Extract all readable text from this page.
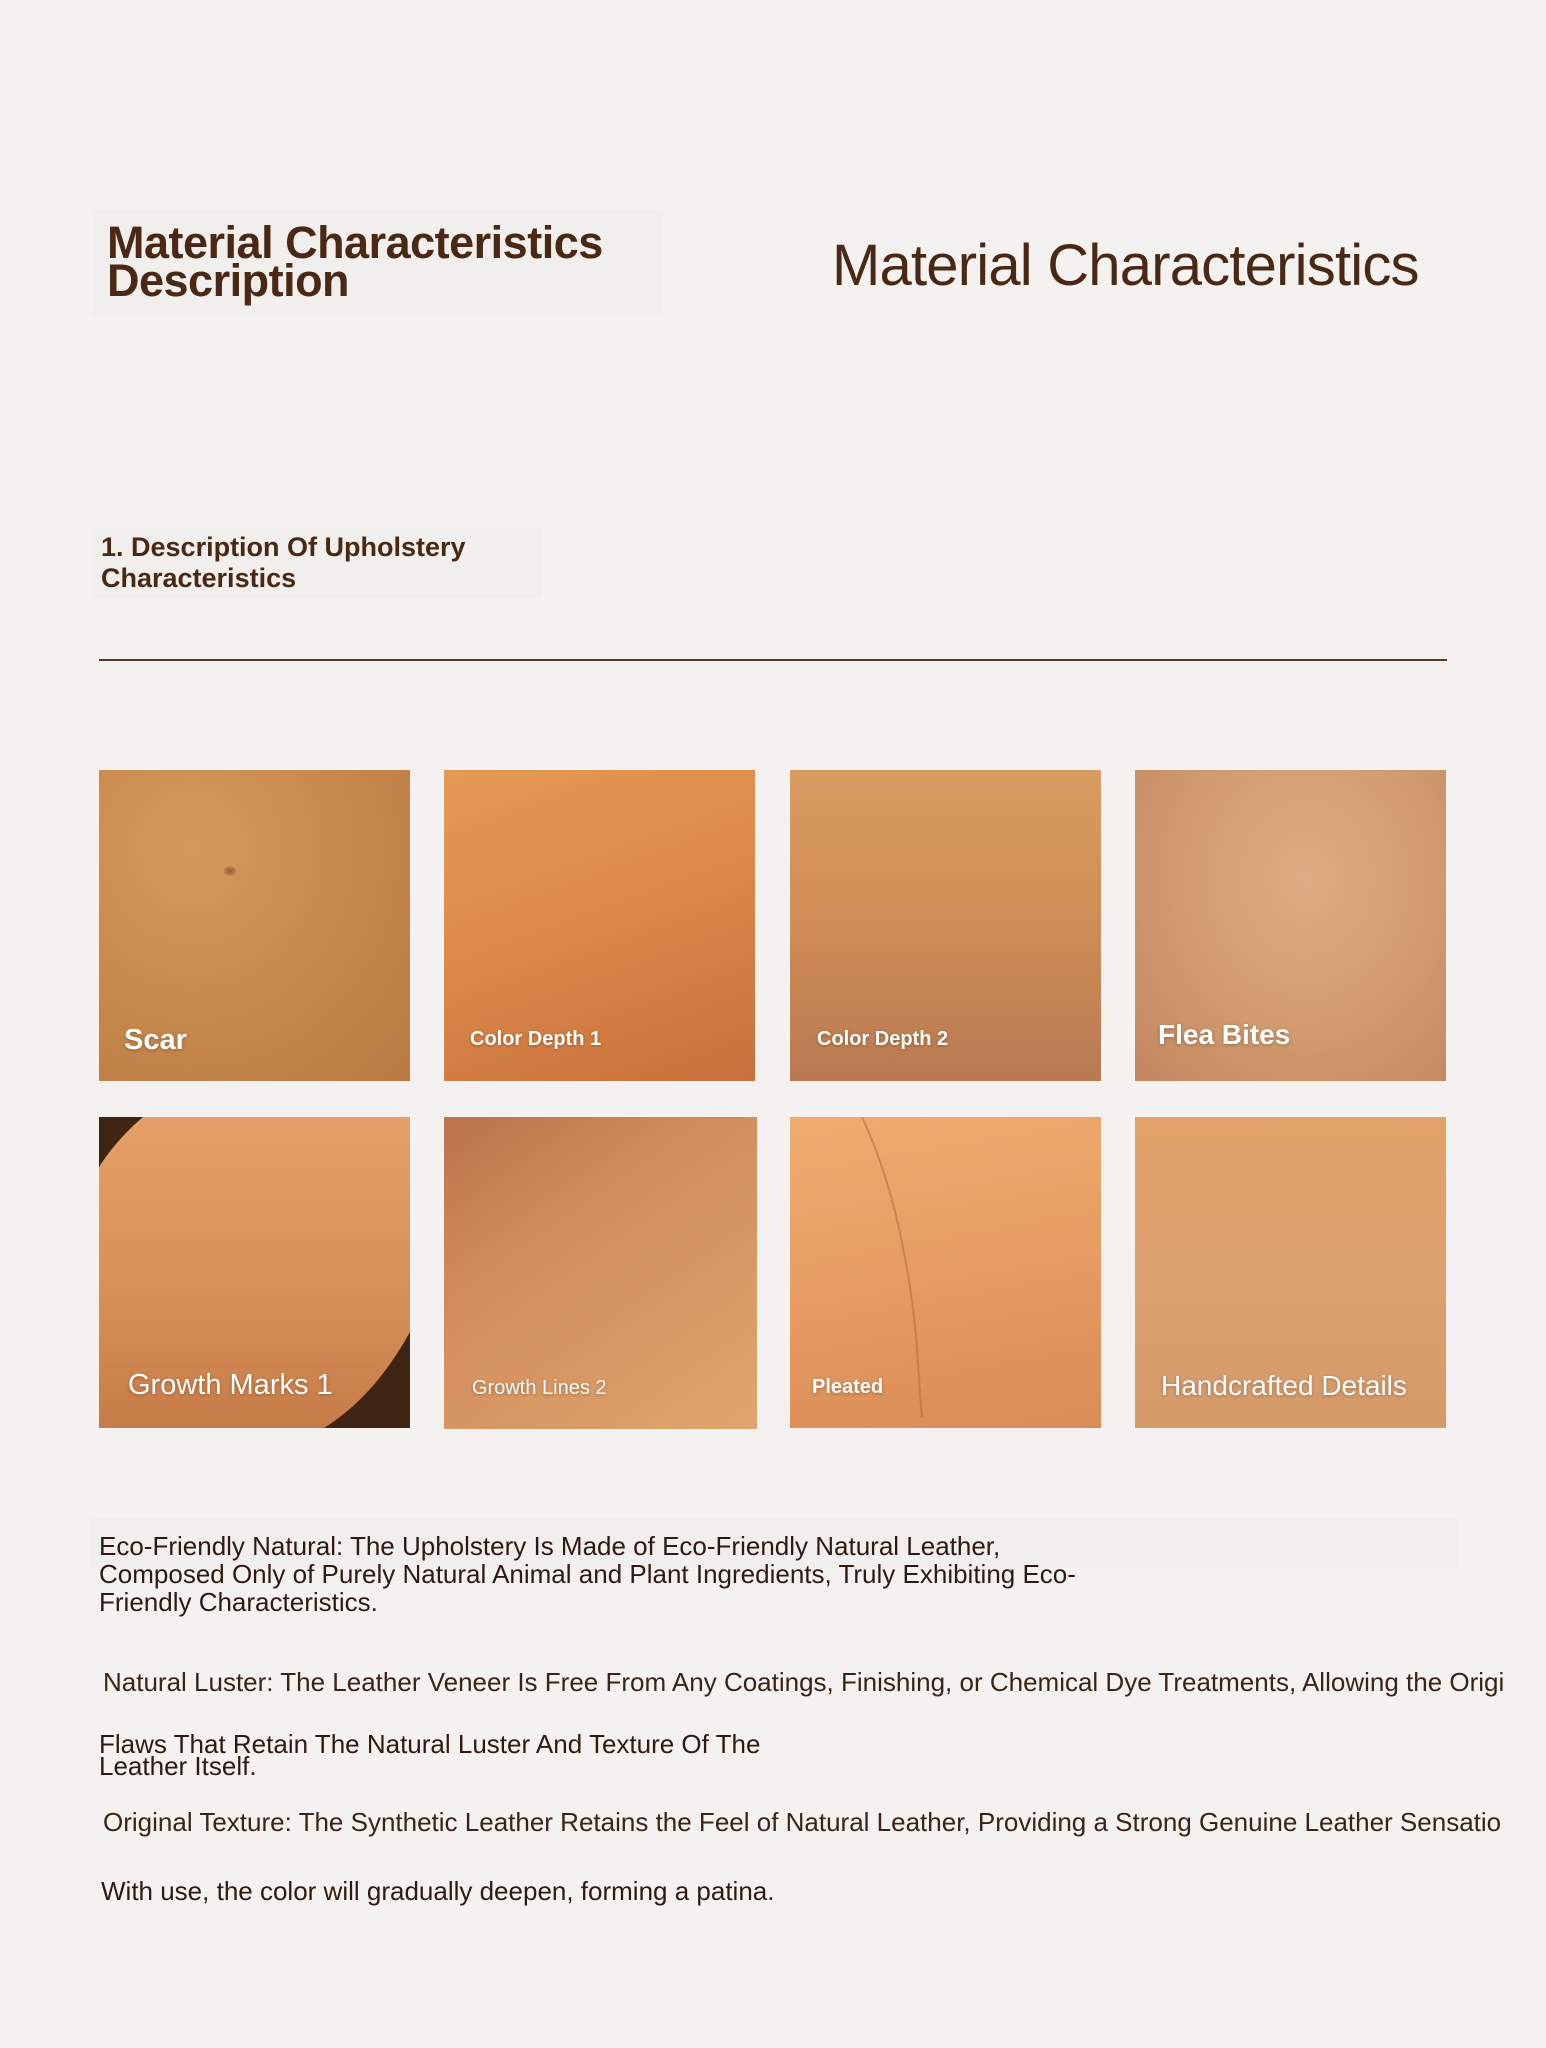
Material Characteristics Description	Material Characteristics
1. Description Of Upholstery Characteristics
Scar	Color Depth 1	Color Depth 2	Flea Bites
Growth Marks 1	Growth Lines 2	Pleated	Handcrafted Details

Eco-Friendly Natural: The Upholstery Is Made of Eco-Friendly Natural Leather, Composed Only of Purely Natural Animal and Plant Ingredients, Truly Exhibiting Eco-Friendly Characteristics.

Natural Luster: The Leather Veneer Is Free From Any Coatings, Finishing, or Chemical Dye Treatments, Allowing the Origi

Flaws That Retain The Natural Luster And Texture Of The Leather Itself.

Original Texture: The Synthetic Leather Retains the Feel of Natural Leather, Providing a Strong Genuine Leather Sensatio

With use, the color will gradually deepen, forming a patina.
